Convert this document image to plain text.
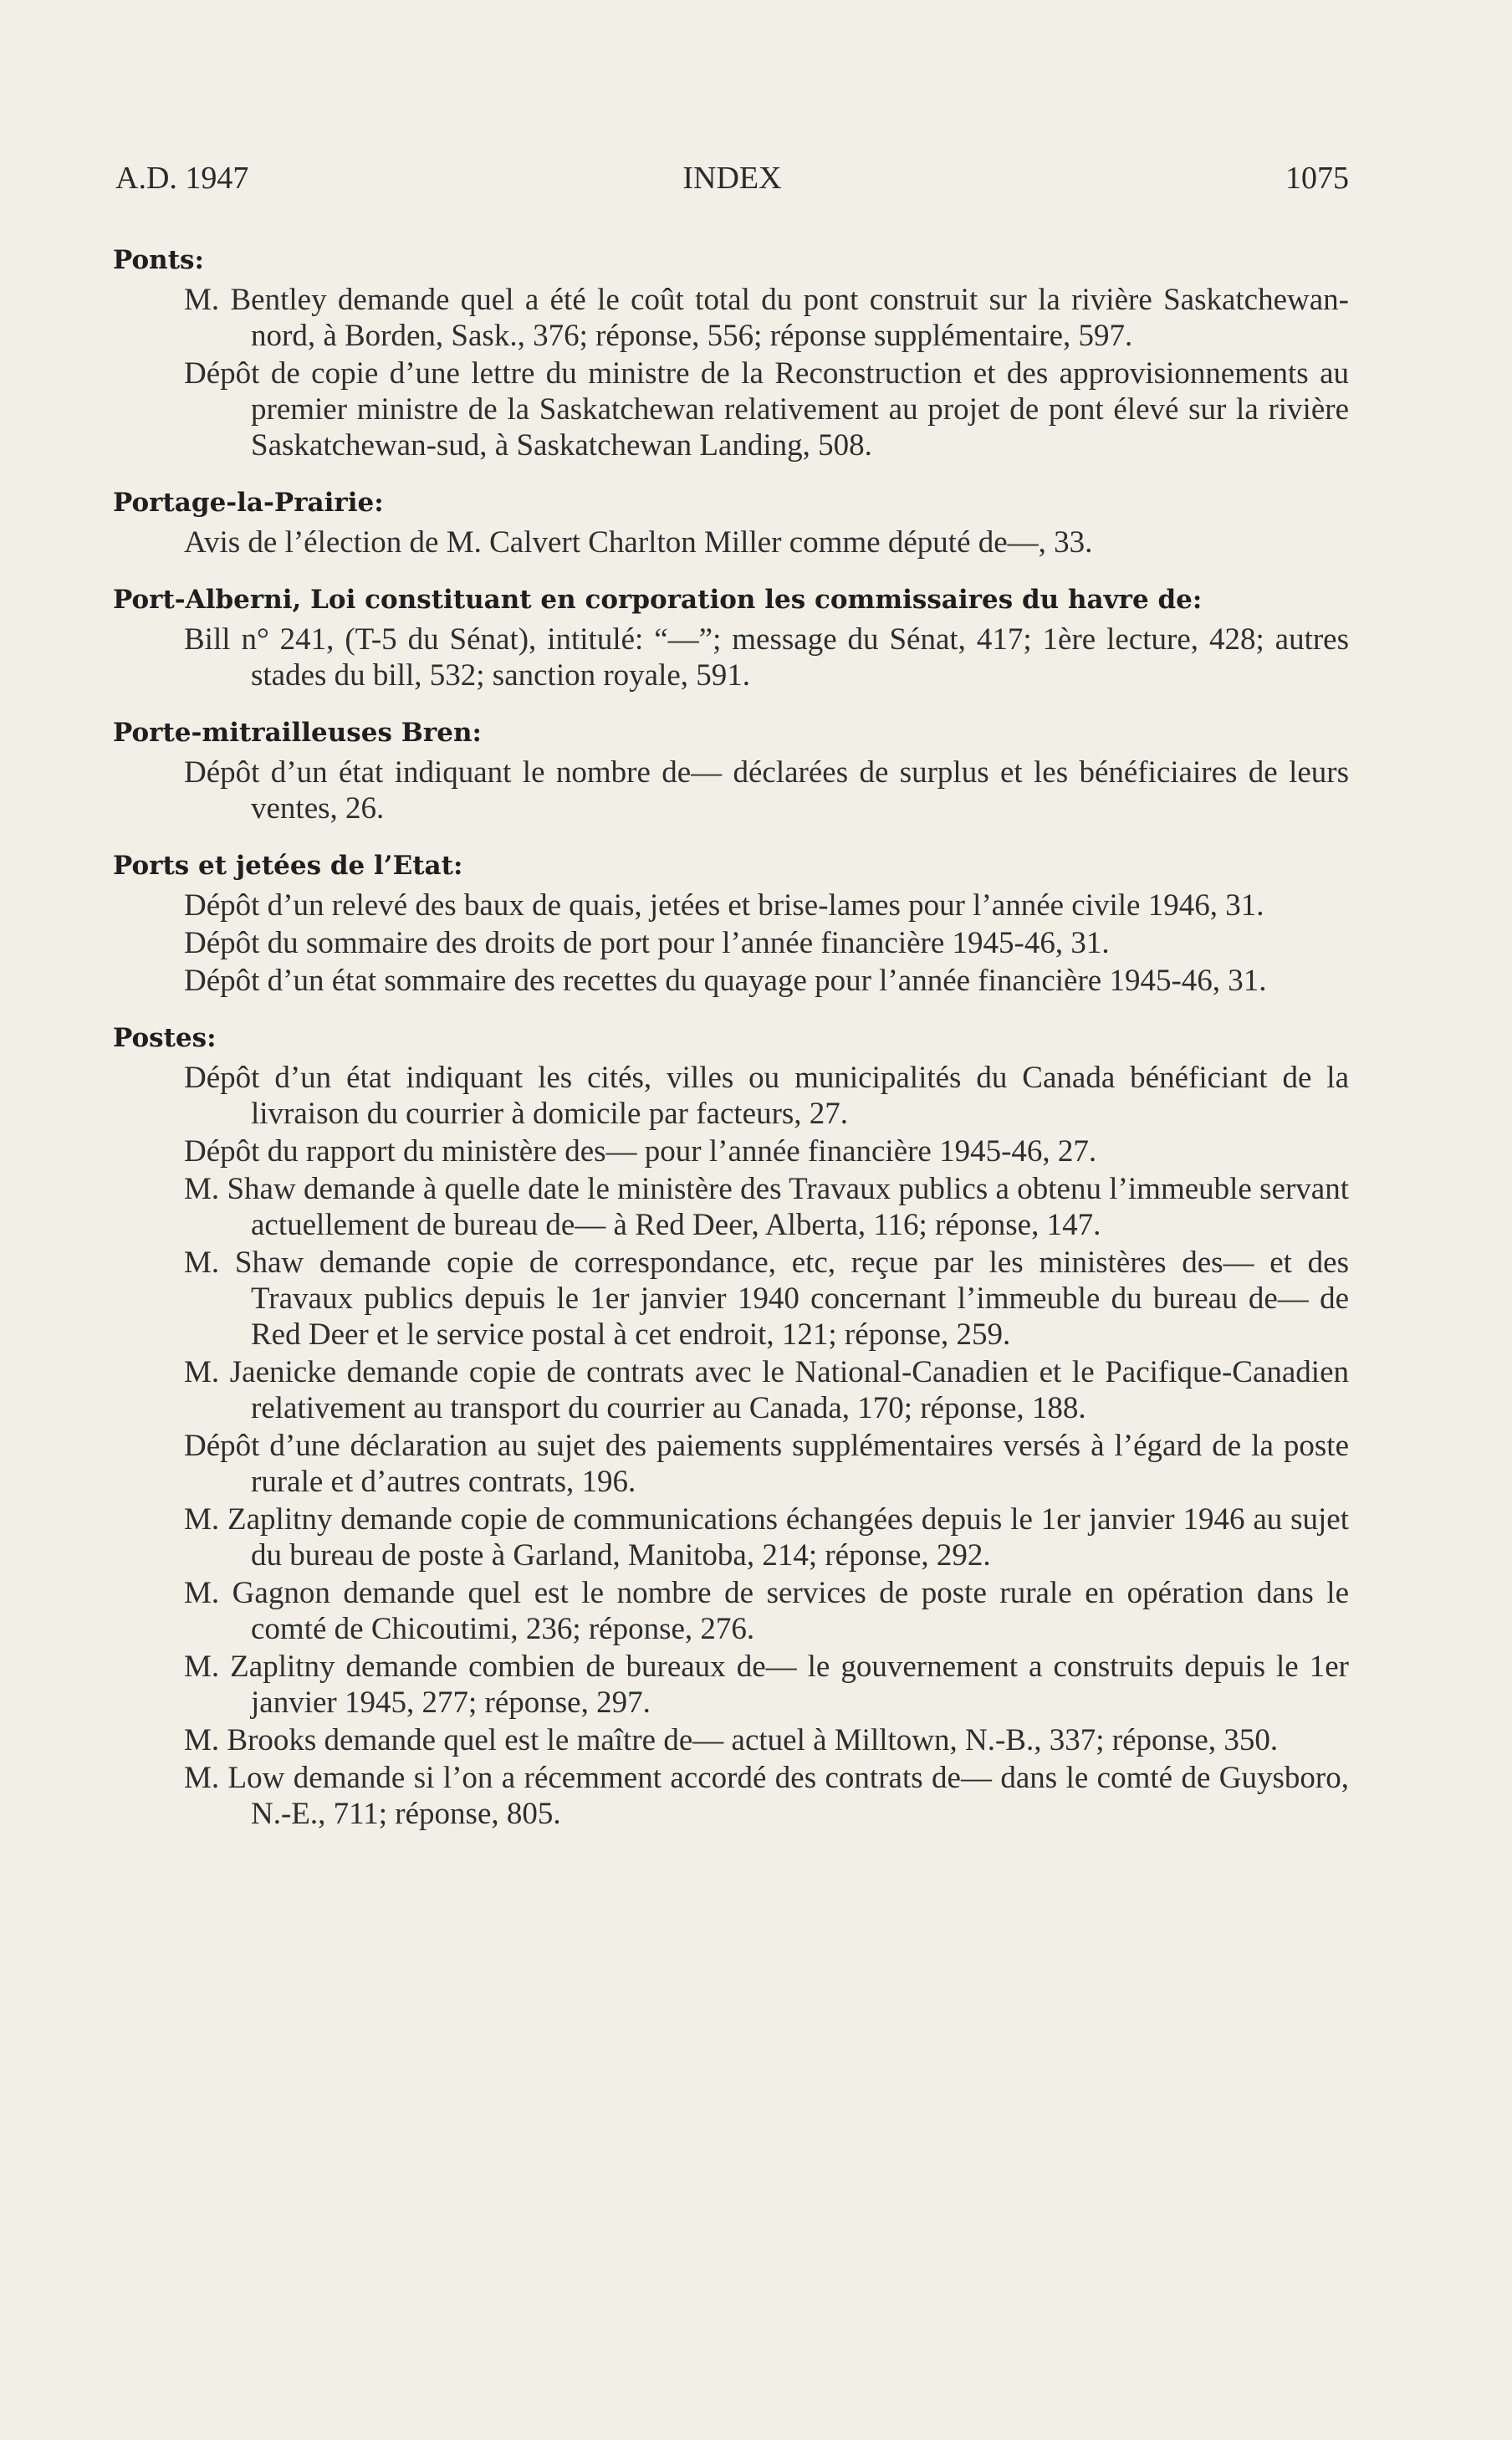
A.D. 1947	INDEX	1075
Ponts:
M. Bentley demande quel a été le coût total du pont construit sur la rivière Saskatchewan-nord, à Borden, Sask., 376; réponse, 556; réponse supplémentaire, 597.
Dépôt de copie d’une lettre du ministre de la Reconstruction et des approvisionnements au premier ministre de la Saskatchewan relativement au projet de pont élevé sur la rivière Saskatchewan-sud, à Saskatchewan Landing, 508.
Portage-la-Prairie:
Avis de l’élection de M. Calvert Charlton Miller comme député de—, 33.
Port-Alberni, Loi constituant en corporation les commissaires du havre de:
Bill n° 241, (T-5 du Sénat), intitulé: “—”; message du Sénat, 417; 1ère lecture, 428; autres stades du bill, 532; sanction royale, 591.
Porte-mitrailleuses Bren:
Dépôt d’un état indiquant le nombre de— déclarées de surplus et les bénéficiaires de leurs ventes, 26.
Ports et jetées de l’Etat:
Dépôt d’un relevé des baux de quais, jetées et brise-lames pour l’année civile 1946, 31.
Dépôt du sommaire des droits de port pour l’année financière 1945-46, 31.
Dépôt d’un état sommaire des recettes du quayage pour l’année financière 1945-46, 31.
Postes:
Dépôt d’un état indiquant les cités, villes ou municipalités du Canada bénéficiant de la livraison du courrier à domicile par facteurs, 27.
Dépôt du rapport du ministère des— pour l’année financière 1945-46, 27.
M. Shaw demande à quelle date le ministère des Travaux publics a obtenu l’immeuble servant actuellement de bureau de— à Red Deer, Alberta, 116; réponse, 147.
M. Shaw demande copie de correspondance, etc, reçue par les ministères des— et des Travaux publics depuis le 1er janvier 1940 concernant l’immeuble du bureau de— de Red Deer et le service postal à cet endroit, 121; réponse, 259.
M. Jaenicke demande copie de contrats avec le National-Canadien et le Pacifique-Canadien relativement au transport du courrier au Canada, 170; réponse, 188.
Dépôt d’une déclaration au sujet des paiements supplémentaires versés à l’égard de la poste rurale et d’autres contrats, 196.
M. Zaplitny demande copie de communications échangées depuis le 1er janvier 1946 au sujet du bureau de poste à Garland, Manitoba, 214; réponse, 292.
M. Gagnon demande quel est le nombre de services de poste rurale en opération dans le comté de Chicoutimi, 236; réponse, 276.
M. Zaplitny demande combien de bureaux de— le gouvernement a construits depuis le 1er janvier 1945, 277; réponse, 297.
M. Brooks demande quel est le maître de— actuel à Milltown, N.-B., 337; réponse, 350.
M. Low demande si l’on a récemment accordé des contrats de— dans le comté de Guysboro, N.-E., 711; réponse, 805.
